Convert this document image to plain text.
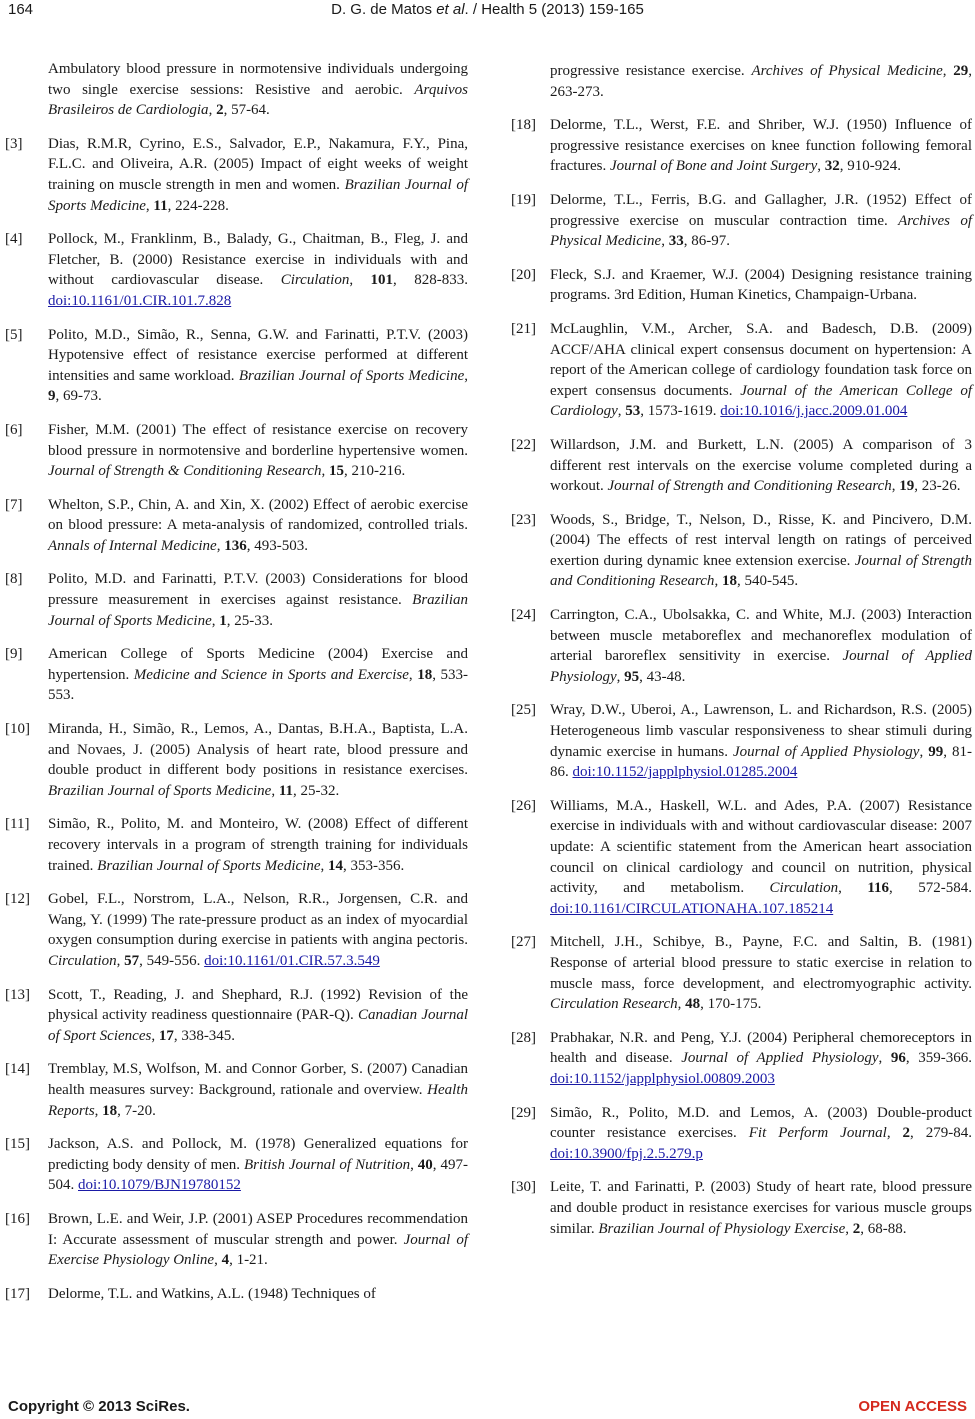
164	D. G. de Matos et al. / Health 5 (2013) 159-165
Ambulatory blood pressure in normotensive individuals undergoing two single exercise sessions: Resistive and aerobic. Arquivos Brasileiros de Cardiologia, 2, 57-64.
[3] Dias, R.M.R, Cyrino, E.S., Salvador, E.P., Nakamura, F.Y., Pina, F.L.C. and Oliveira, A.R. (2005) Impact of eight weeks of weight training on muscle strength in men and women. Brazilian Journal of Sports Medicine, 11, 224-228.
[4] Pollock, M., Franklinm, B., Balady, G., Chaitman, B., Fleg, J. and Fletcher, B. (2000) Resistance exercise in individuals with and without cardiovascular disease. Circulation, 101, 828-833. doi:10.1161/01.CIR.101.7.828
[5] Polito, M.D., Simão, R., Senna, G.W. and Farinatti, P.T.V. (2003) Hypotensive effect of resistance exercise performed at different intensities and same workload. Brazilian Journal of Sports Medicine, 9, 69-73.
[6] Fisher, M.M. (2001) The effect of resistance exercise on recovery blood pressure in normotensive and borderline hypertensive women. Journal of Strength & Conditioning Research, 15, 210-216.
[7] Whelton, S.P., Chin, A. and Xin, X. (2002) Effect of aerobic exercise on blood pressure: A meta-analysis of randomized, controlled trials. Annals of Internal Medicine, 136, 493-503.
[8] Polito, M.D. and Farinatti, P.T.V. (2003) Considerations for blood pressure measurement in exercises against resistance. Brazilian Journal of Sports Medicine, 1, 25-33.
[9] American College of Sports Medicine (2004) Exercise and hypertension. Medicine and Science in Sports and Exercise, 18, 533-553.
[10] Miranda, H., Simão, R., Lemos, A., Dantas, B.H.A., Baptista, L.A. and Novaes, J. (2005) Analysis of heart rate, blood pressure and double product in different body positions in resistance exercises. Brazilian Journal of Sports Medicine, 11, 25-32.
[11] Simão, R., Polito, M. and Monteiro, W. (2008) Effect of different recovery intervals in a program of strength training for individuals trained. Brazilian Journal of Sports Medicine, 14, 353-356.
[12] Gobel, F.L., Norstrom, L.A., Nelson, R.R., Jorgensen, C.R. and Wang, Y. (1999) The rate-pressure product as an index of myocardial oxygen consumption during exercise in patients with angina pectoris. Circulation, 57, 549-556. doi:10.1161/01.CIR.57.3.549
[13] Scott, T., Reading, J. and Shephard, R.J. (1992) Revision of the physical activity readiness questionnaire (PAR-Q). Canadian Journal of Sport Sciences, 17, 338-345.
[14] Tremblay, M.S, Wolfson, M. and Connor Gorber, S. (2007) Canadian health measures survey: Background, rationale and overview. Health Reports, 18, 7-20.
[15] Jackson, A.S. and Pollock, M. (1978) Generalized equations for predicting body density of men. British Journal of Nutrition, 40, 497-504. doi:10.1079/BJN19780152
[16] Brown, L.E. and Weir, J.P. (2001) ASEP Procedures recommendation I: Accurate assessment of muscular strength and power. Journal of Exercise Physiology Online, 4, 1-21.
[17] Delorme, T.L. and Watkins, A.L. (1948) Techniques of
progressive resistance exercise. Archives of Physical Medicine, 29, 263-273.
[18] Delorme, T.L., Werst, F.E. and Shriber, W.J. (1950) Influence of progressive resistance exercises on knee function following femoral fractures. Journal of Bone and Joint Surgery, 32, 910-924.
[19] Delorme, T.L., Ferris, B.G. and Gallagher, J.R. (1952) Effect of progressive exercise on muscular contraction time. Archives of Physical Medicine, 33, 86-97.
[20] Fleck, S.J. and Kraemer, W.J. (2004) Designing resistance training programs. 3rd Edition, Human Kinetics, Champaign-Urbana.
[21] McLaughlin, V.M., Archer, S.A. and Badesch, D.B. (2009) ACCF/AHA clinical expert consensus document on hypertension: A report of the American college of cardiology foundation task force on expert consensus documents. Journal of the American College of Cardiology, 53, 1573-1619. doi:10.1016/j.jacc.2009.01.004
[22] Willardson, J.M. and Burkett, L.N. (2005) A comparison of 3 different rest intervals on the exercise volume completed during a workout. Journal of Strength and Conditioning Research, 19, 23-26.
[23] Woods, S., Bridge, T., Nelson, D., Risse, K. and Pincivero, D.M. (2004) The effects of rest interval length on ratings of perceived exertion during dynamic knee extension exercise. Journal of Strength and Conditioning Research, 18, 540-545.
[24] Carrington, C.A., Ubolsakka, C. and White, M.J. (2003) Interaction between muscle metaboreflex and mechanoreflex modulation of arterial baroreflex sensitivity in exercise. Journal of Applied Physiology, 95, 43-48.
[25] Wray, D.W., Uberoi, A., Lawrenson, L. and Richardson, R.S. (2005) Heterogeneous limb vascular responsiveness to shear stimuli during dynamic exercise in humans. Journal of Applied Physiology, 99, 81-86. doi:10.1152/japplphysiol.01285.2004
[26] Williams, M.A., Haskell, W.L. and Ades, P.A. (2007) Resistance exercise in individuals with and without cardiovascular disease: 2007 update: A scientific statement from the American heart association council on clinical cardiology and council on nutrition, physical activity, and metabolism. Circulation, 116, 572-584. doi:10.1161/CIRCULATIONAHA.107.185214
[27] Mitchell, J.H., Schibye, B., Payne, F.C. and Saltin, B. (1981) Response of arterial blood pressure to static exercise in relation to muscle mass, force development, and electromyographic activity. Circulation Research, 48, 170-175.
[28] Prabhakar, N.R. and Peng, Y.J. (2004) Peripheral chemoreceptors in health and disease. Journal of Applied Physiology, 96, 359-366. doi:10.1152/japplphysiol.00809.2003
[29] Simão, R., Polito, M.D. and Lemos, A. (2003) Double-product counter resistance exercises. Fit Perform Journal, 2, 279-84. doi:10.3900/fpj.2.5.279.p
[30] Leite, T. and Farinatti, P. (2003) Study of heart rate, blood pressure and double product in resistance exercises for various muscle groups similar. Brazilian Journal of Physiology Exercise, 2, 68-88.
Copyright © 2013 SciRes.	OPEN ACCESS
